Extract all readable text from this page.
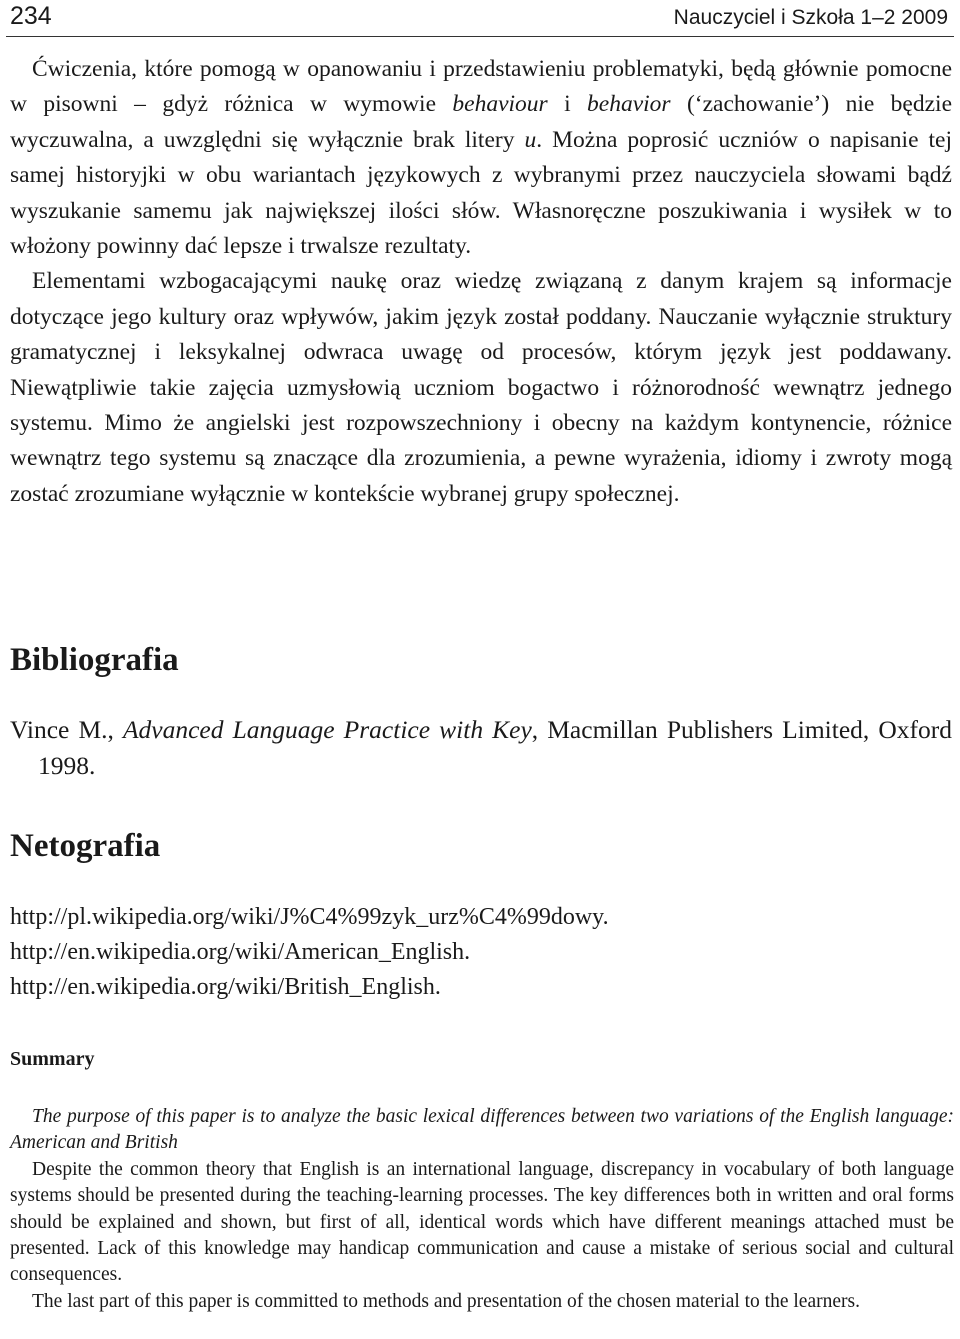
234	Nauczyciel i Szkoła 1–2 2009

Ćwiczenia, które pomogą w opanowaniu i przedstawieniu problematyki, będą głównie pomocne w pisowni – gdyż różnica w wymowie behaviour i behavior (‘zachowanie’) nie będzie wyczuwalna, a uwzględni się wyłącznie brak litery u. Można poprosić uczniów o napisanie tej samej historyjki w obu wariantach językowych z wybranymi przez nauczyciela słowami bądź wyszukanie samemu jak największej ilości słów. Własnoręczne poszukiwania i wysiłek w to włożony powinny dać lepsze i trwalsze rezultaty.

Elementami wzbogacającymi naukę oraz wiedzę związaną z danym krajem są informacje dotyczące jego kultury oraz wpływów, jakim język został poddany. Nauczanie wyłącznie struktury gramatycznej i leksykalnej odwraca uwagę od procesów, którym język jest poddawany. Niewątpliwie takie zajęcia uzmysłowią uczniom bogactwo i różnorodność wewnątrz jednego systemu. Mimo że angielski jest rozpowszechniony i obecny na każdym kontynencie, różnice wewnątrz tego systemu są znaczące dla zrozumienia, a pewne wyrażenia, idiomy i zwroty mogą zostać zrozumiane wyłącznie w kontekście wybranej grupy społecznej.

Bibliografia
Vince M., Advanced Language Practice with Key, Macmillan Publishers Limited, Oxford 1998.
Netografia
http://pl.wikipedia.org/wiki/J%C4%99zyk_urz%C4%99dowy.
http://en.wikipedia.org/wiki/American_English.
http://en.wikipedia.org/wiki/British_English.
Summary

The purpose of this paper is to analyze the basic lexical differences between two variations of the English language: American and British

Despite the common theory that English is an international language, discrepancy in vocabulary of both language systems should be presented during the teaching-learning processes. The key differences both in written and oral forms should be explained and shown, but first of all, identical words which have different meanings attached must be presented. Lack of this knowledge may handicap communication and cause a mistake of serious social and cultural consequences.

The last part of this paper is committed to methods and presentation of the chosen material to the learners.
